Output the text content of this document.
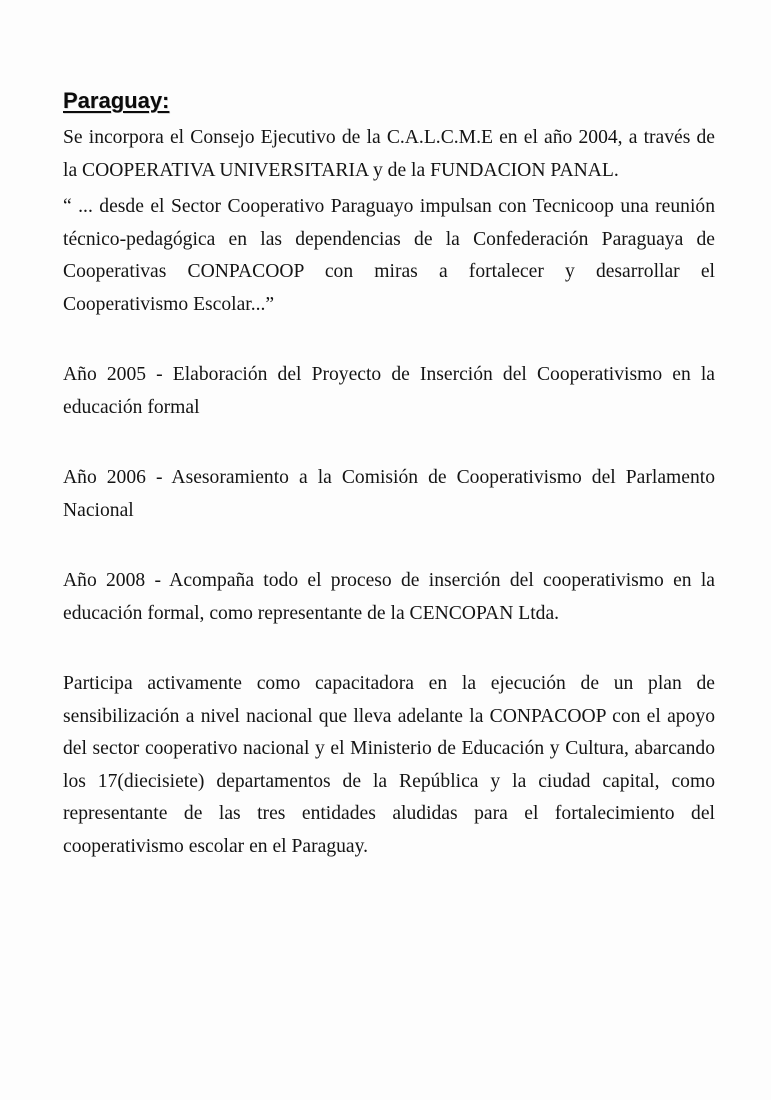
Paraguay:

Se incorpora el Consejo Ejecutivo de la C.A.L.C.M.E en el año 2004, a través de la COOPERATIVA UNIVERSITARIA y de la FUNDACION PANAL.

“ ... desde el Sector Cooperativo Paraguayo impulsan con Tecnicoop una reunión técnico-pedagógica en las dependencias de la Confederación Paraguaya de Cooperativas CONPACOOP con miras a fortalecer y desarrollar el Cooperativismo Escolar...”

Año 2005 - Elaboración del Proyecto de Inserción del Cooperativismo en la educación formal

Año 2006 - Asesoramiento a la Comisión de Cooperativismo del Parlamento Nacional

Año 2008 - Acompaña todo el proceso de inserción del cooperativismo en la educación formal, como representante de la CENCOPAN Ltda.

Participa activamente como capacitadora en la ejecución de un plan de sensibilización a nivel nacional que lleva adelante la CONPACOOP con el apoyo del sector cooperativo nacional y el Ministerio de Educación y Cultura, abarcando los 17(diecisiete) departamentos de la República y la ciudad capital, como representante de las tres entidades aludidas para el fortalecimiento del cooperativismo escolar en el Paraguay.
